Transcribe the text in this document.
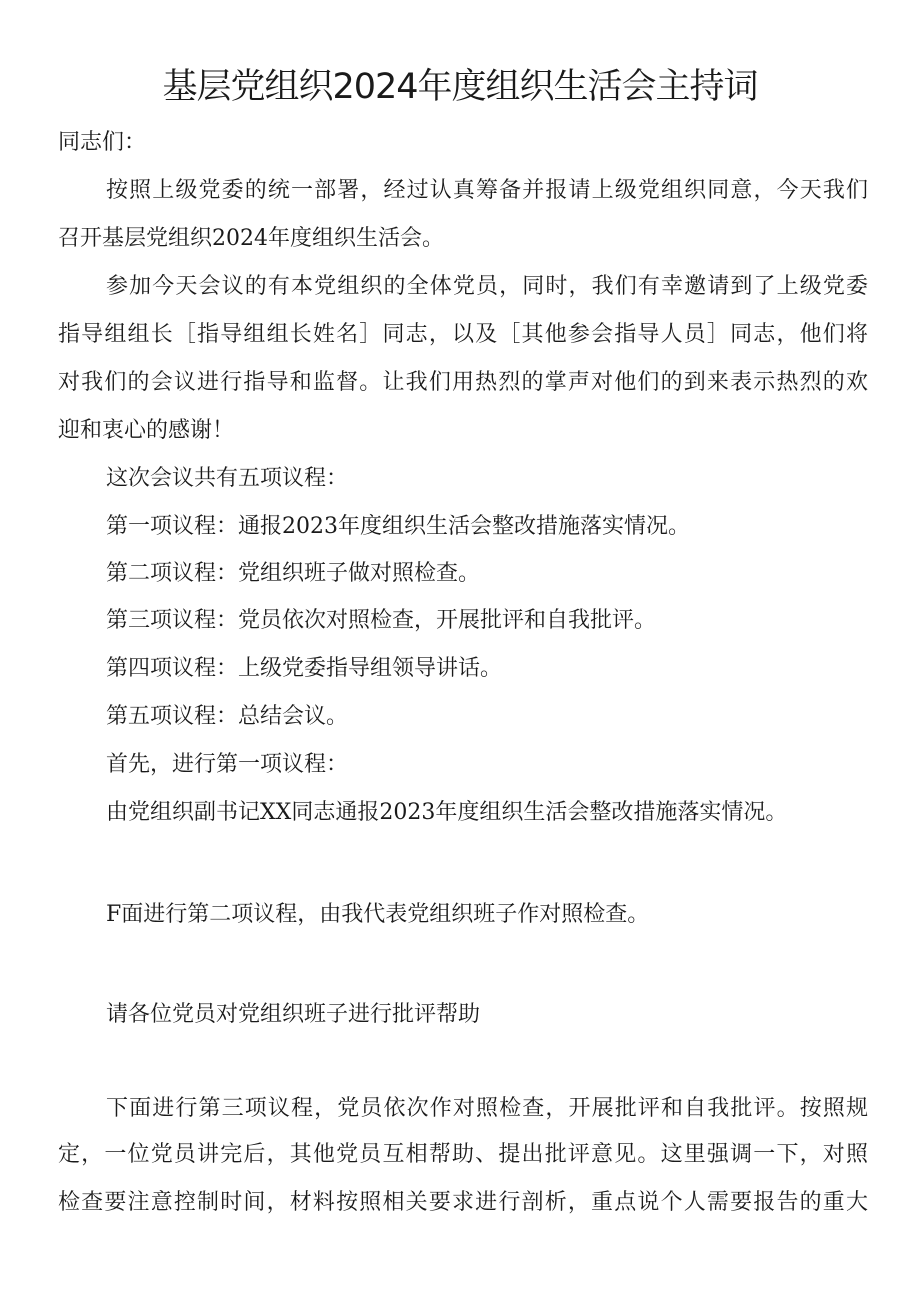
基层党组织2024年度组织生活会主持词

同志们：

按照上级党委的统一部署，经过认真筹备并报请上级党组织同意，今天我们

召开基层党组织2024年度组织生活会。

参加今天会议的有本党组织的全体党员，同时，我们有幸邀请到了上级党委

指导组组长［指导组组长姓名］同志，以及［其他参会指导人员］同志，他们将

对我们的会议进行指导和监督。让我们用热烈的掌声对他们的到来表示热烈的欢

迎和衷心的感谢！

这次会议共有五项议程：

第一项议程：通报2023年度组织生活会整改措施落实情况。

第二项议程：党组织班子做对照检查。

第三项议程：党员依次对照检查，开展批评和自我批评。

第四项议程：上级党委指导组领导讲话。

第五项议程：总结会议。

首先，进行第一项议程：

由党组织副书记XX同志通报2023年度组织生活会整改措施落实情况。

F面进行第二项议程，由我代表党组织班子作对照检查。

请各位党员对党组织班子进行批评帮助

下面进行第三项议程，党员依次作对照检查，开展批评和自我批评。按照规

定，一位党员讲完后，其他党员互相帮助、提出批评意见。这里强调一下，对照

检查要注意控制时间，材料按照相关要求进行剖析，重点说个人需要报告的重大
